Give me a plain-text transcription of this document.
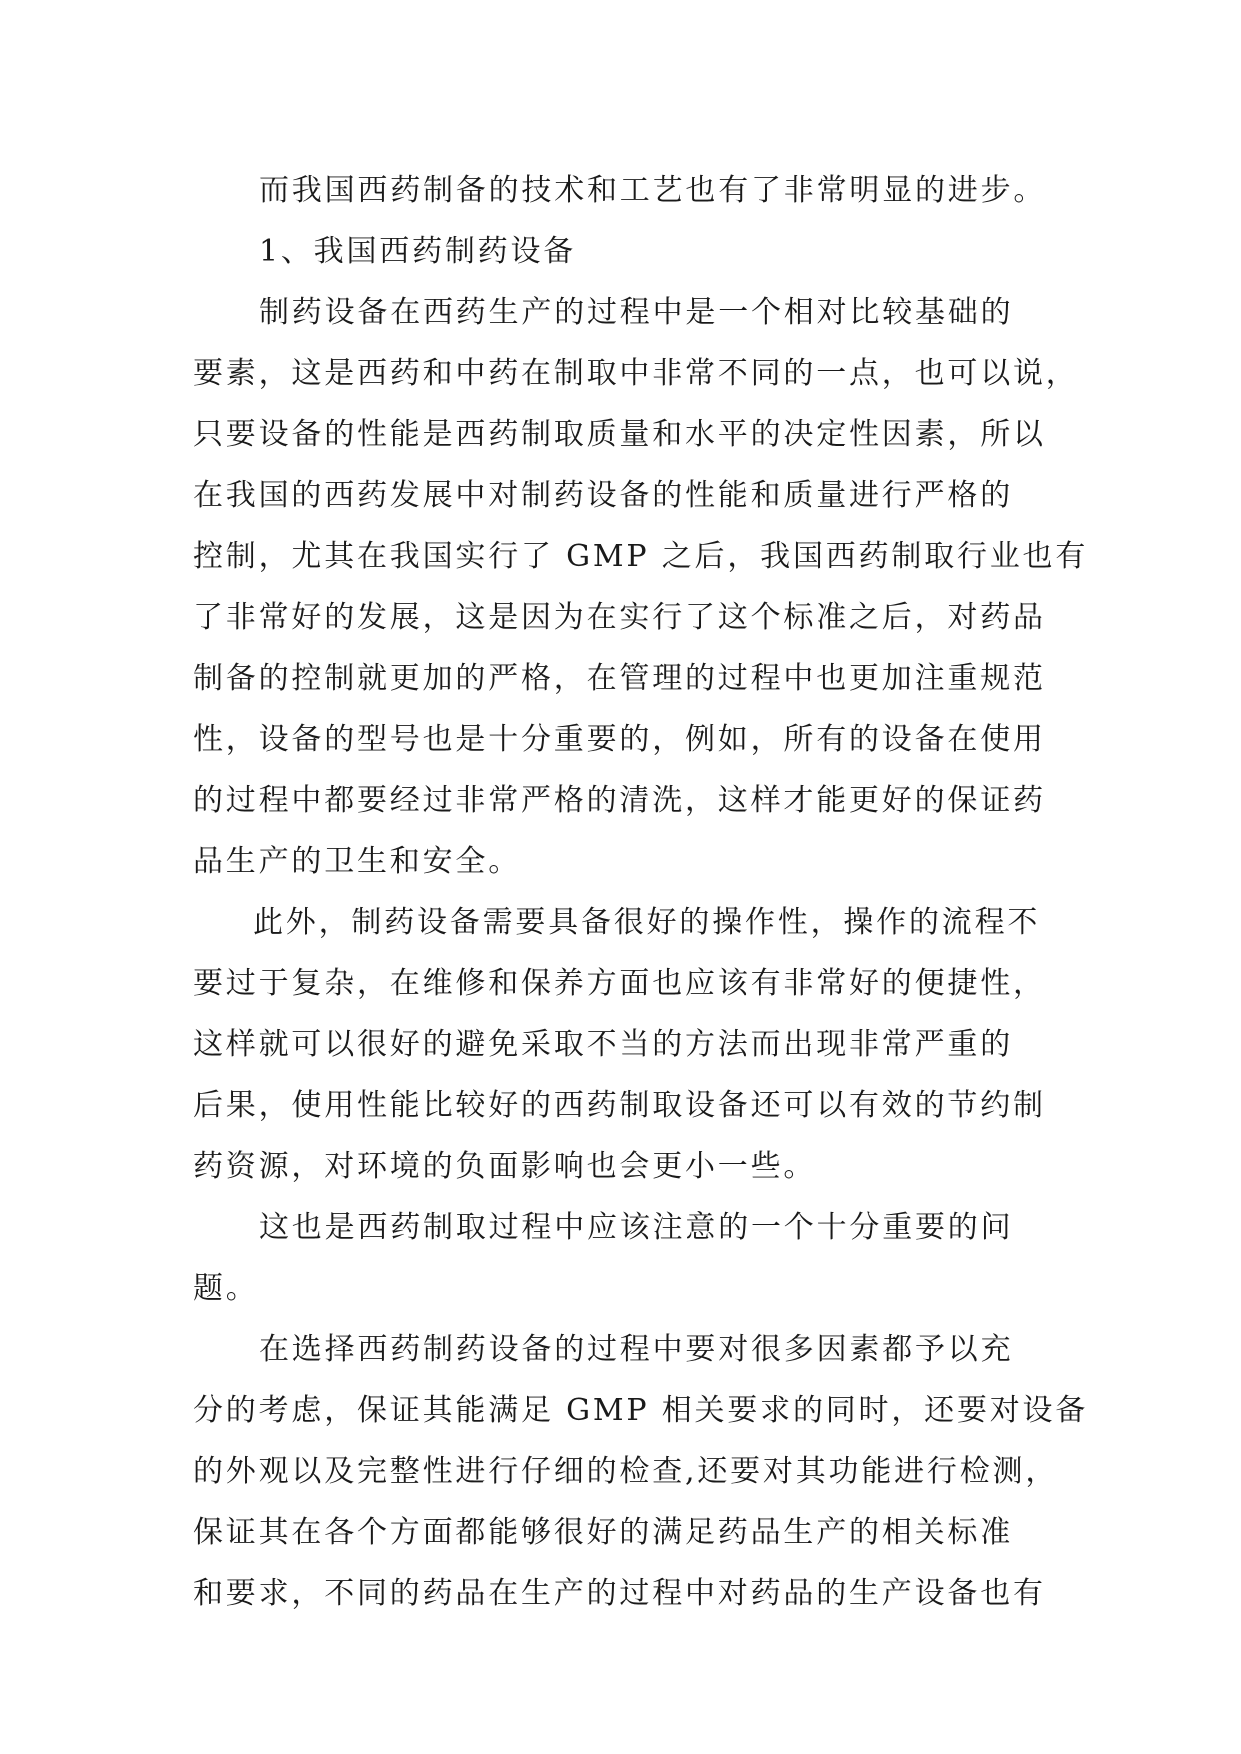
而我国西药制备的技术和工艺也有了非常明显的进步。
1、我国西药制药设备
制药设备在西药生产的过程中是一个相对比较基础的
要素，这是西药和中药在制取中非常不同的一点，也可以说，
只要设备的性能是西药制取质量和水平的决定性因素，所以
在我国的西药发展中对制药设备的性能和质量进行严格的
控制，尤其在我国实行了 GMP 之后，我国西药制取行业也有
了非常好的发展，这是因为在实行了这个标准之后，对药品
制备的控制就更加的严格，在管理的过程中也更加注重规范
性，设备的型号也是十分重要的，例如，所有的设备在使用
的过程中都要经过非常严格的清洗，这样才能更好的保证药
品生产的卫生和安全。
此外，制药设备需要具备很好的操作性，操作的流程不
要过于复杂，在维修和保养方面也应该有非常好的便捷性，
这样就可以很好的避免采取不当的方法而出现非常严重的
后果，使用性能比较好的西药制取设备还可以有效的节约制
药资源，对环境的负面影响也会更小一些。
这也是西药制取过程中应该注意的一个十分重要的问
题。
在选择西药制药设备的过程中要对很多因素都予以充
分的考虑，保证其能满足 GMP 相关要求的同时，还要对设备
的外观以及完整性进行仔细的检查,还要对其功能进行检测，
保证其在各个方面都能够很好的满足药品生产的相关标准
和要求，不同的药品在生产的过程中对药品的生产设备也有
